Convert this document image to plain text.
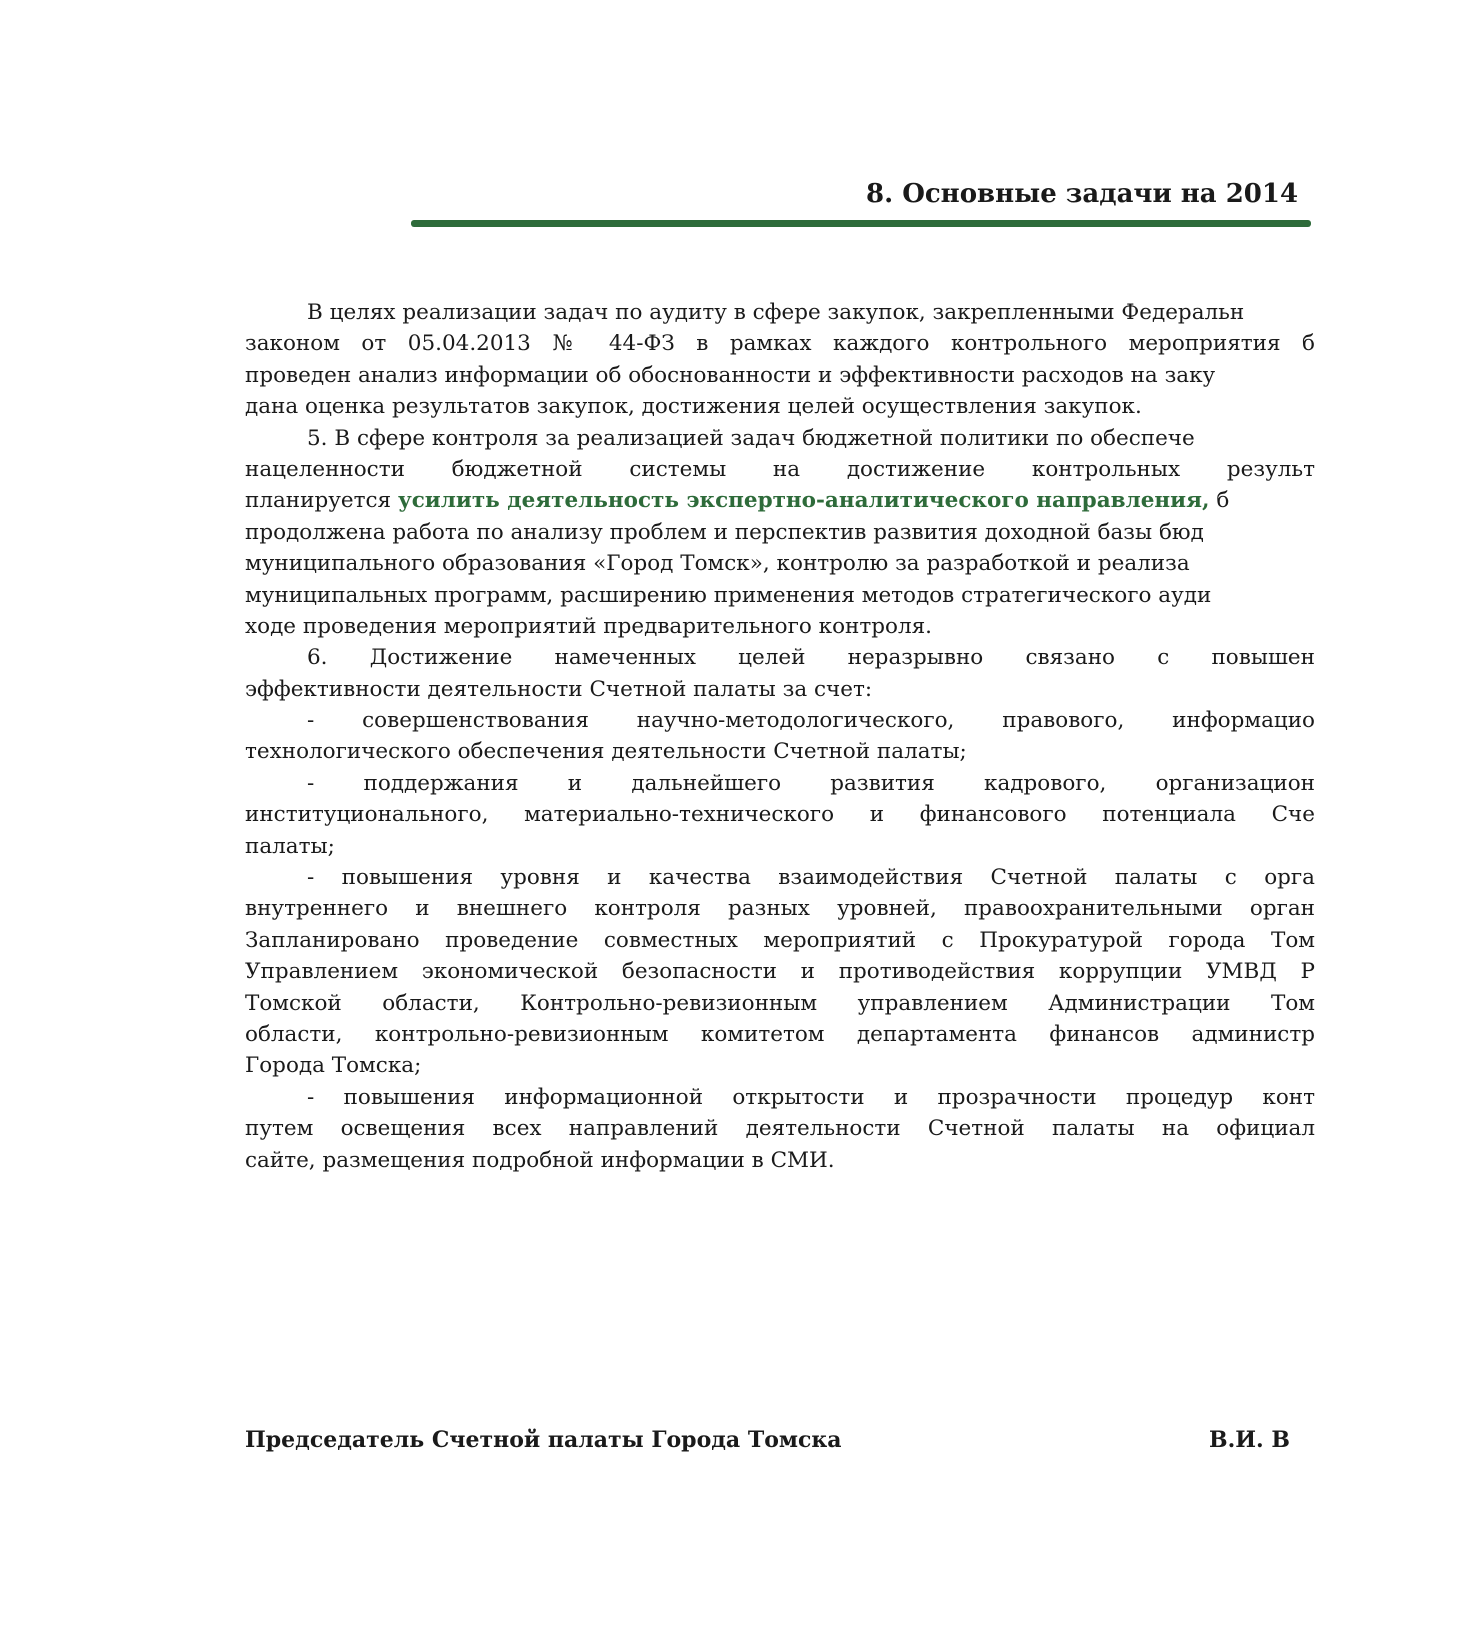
8. Основные задачи на 2014
В целях реализации задач по аудиту в сфере закупок, закрепленными Федеральн
законом от 05.04.2013 № 44-ФЗ в рамках каждого контрольного мероприятия б
проведен анализ информации об обоснованности и эффективности расходов на заку
дана оценка результатов закупок, достижения целей осуществления закупок.
5. В сфере контроля за реализацией задач бюджетной политики по обеспече
нацеленности бюджетной системы на достижение контрольных результ
планируется усилить деятельность экспертно-аналитического направления, б
продолжена работа по анализу проблем и перспектив развития доходной базы бюд
муниципального образования «Город Томск», контролю за разработкой и реализа
муниципальных программ, расширению применения методов стратегического ауди
ходе проведения мероприятий предварительного контроля.
6. Достижение намеченных целей неразрывно связано с повышен
эффективности деятельности Счетной палаты за счет:
- совершенствования научно-методологического, правового, информацио
технологического обеспечения деятельности Счетной палаты;
- поддержания и дальнейшего развития кадрового, организацион
институционального, материально-технического и финансового потенциала Сче
палаты;
- повышения уровня и качества взаимодействия Счетной палаты с орга
внутреннего и внешнего контроля разных уровней, правоохранительными орган
Запланировано проведение совместных мероприятий с Прокуратурой города Том
Управлением экономической безопасности и противодействия коррупции УМВД Р
Томской области, Контрольно-ревизионным управлением Администрации Том
области, контрольно-ревизионным комитетом департамента финансов администр
Города Томска;
- повышения информационной открытости и прозрачности процедур конт
путем освещения всех направлений деятельности Счетной палаты на официал
сайте, размещения подробной информации в СМИ.
Председатель Счетной палаты Города Томска	В.И. В
